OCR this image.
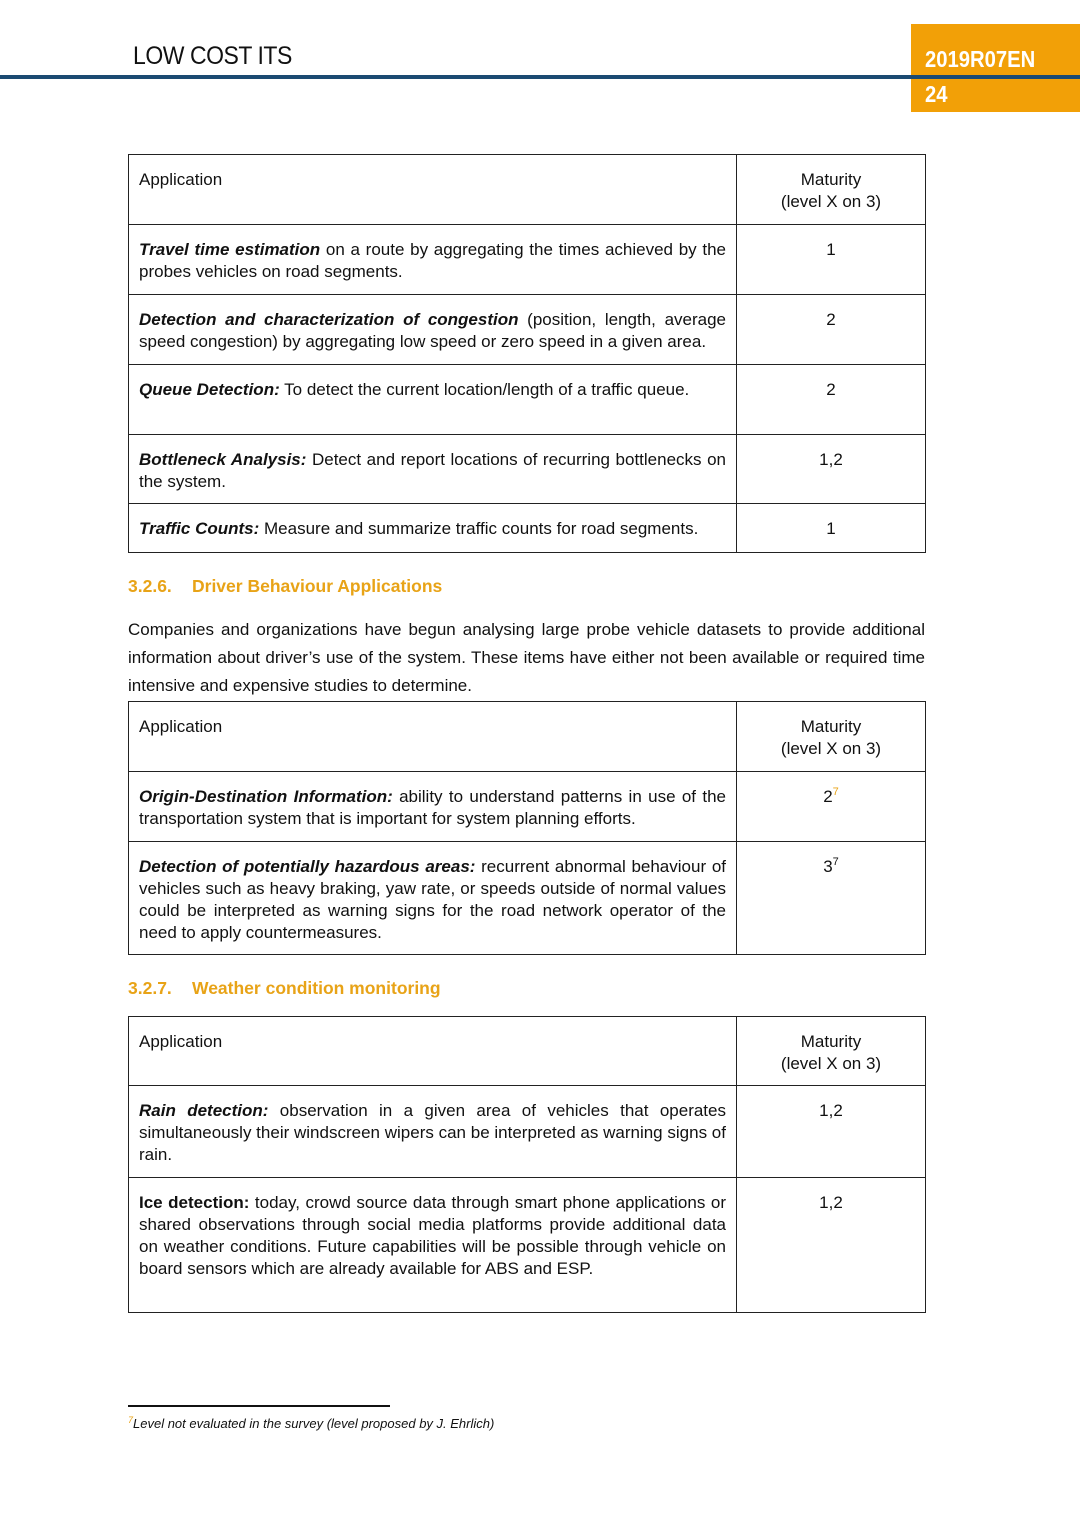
LOW COST ITS	2019R07EN
24
Application	Maturity
(level X on 3)
Travel time estimation on a route by aggregating the times achieved by the probes vehicles on road segments.	1
Detection and characterization of congestion (position, length, average speed congestion) by aggregating low speed or zero speed in a given area.	2
Queue Detection: To detect the current location/length of a traffic queue.	2
Bottleneck Analysis: Detect and report locations of recurring bottlenecks on the system.	1,2
Traffic Counts: Measure and summarize traffic counts for road segments.	1
3.2.6. Driver Behaviour Applications

Companies and organizations have begun analysing large probe vehicle datasets to provide additional information about driver’s use of the system. These items have either not been available or required time intensive and expensive studies to determine.

Application	Maturity
(level X on 3)
Origin-Destination Information: ability to understand patterns in use of the transportation system that is important for system planning efforts.	2$^7$
Detection of potentially hazardous areas: recurrent abnormal behaviour of vehicles such as heavy braking, yaw rate, or speeds outside of normal values could be interpreted as warning signs for the road network operator of the need to apply countermeasures.	3$^7$
3.2.7. Weather condition monitoring
Application	Maturity
(level X on 3)
Rain detection: observation in a given area of vehicles that operates simultaneously their windscreen wipers can be interpreted as warning signs of rain.	1,2
Ice detection: today, crowd source data through smart phone applications or shared observations through social media platforms provide additional data on weather conditions. Future capabilities will be possible through vehicle on board sensors which are already available for ABS and ESP.	1,2
$^7$Level not evaluated in the survey (level proposed by J. Ehrlich)
